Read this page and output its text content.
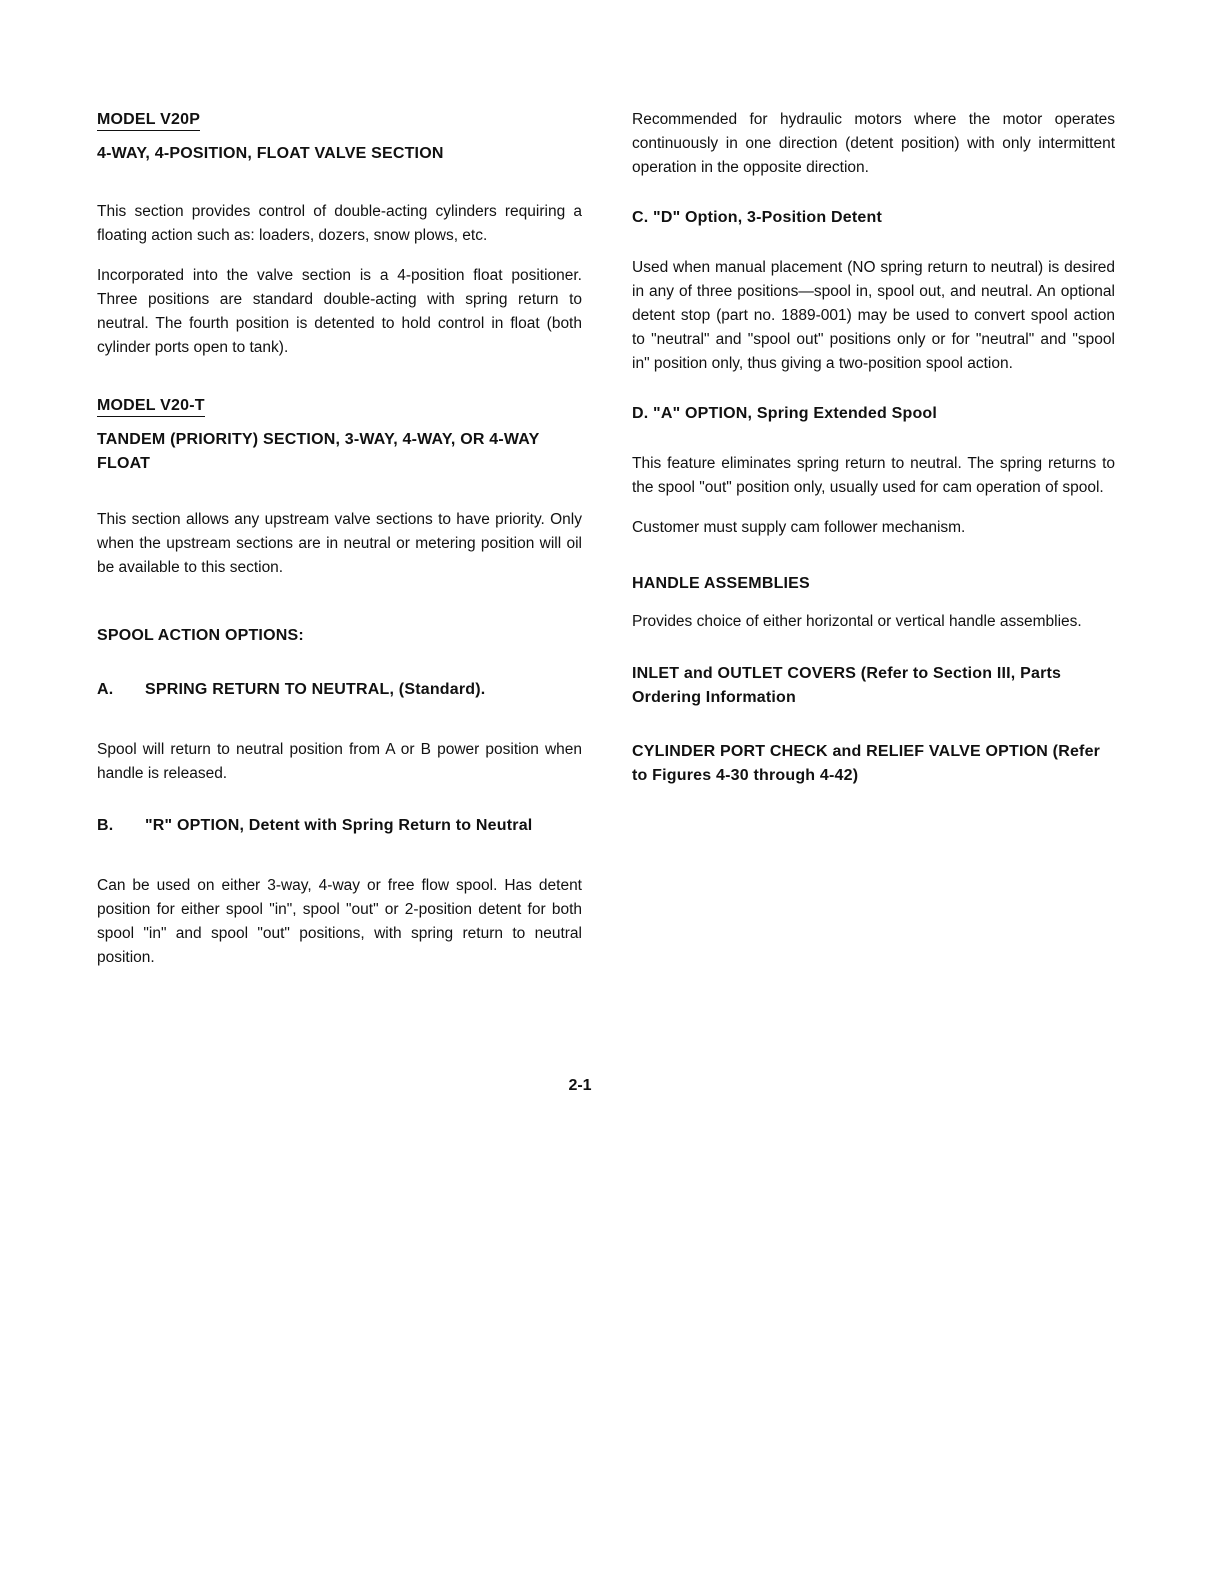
MODEL V20P
4-WAY, 4-POSITION, FLOAT VALVE SECTION

This section provides control of double-acting cylinders requiring a floating action such as: loaders, dozers, snow plows, etc.

Incorporated into the valve section is a 4-position float positioner. Three positions are standard double-acting with spring return to neutral. The fourth position is detented to hold control in float (both cylinder ports open to tank).

MODEL V20-T
TANDEM (PRIORITY) SECTION, 3-WAY, 4-WAY, OR 4-WAY FLOAT

This section allows any upstream valve sections to have priority. Only when the upstream sections are in neutral or metering position will oil be available to this section.

SPOOL ACTION OPTIONS:
A.	SPRING RETURN TO NEUTRAL, (Standard).

Spool will return to neutral position from A or B power position when handle is released.

B.	"R" OPTION, Detent with Spring Return to Neutral

Can be used on either 3-way, 4-way or free flow spool. Has detent position for either spool "in", spool "out" or 2-position detent for both spool "in" and spool "out" positions, with spring return to neutral position.

Recommended for hydraulic motors where the motor operates continuously in one direction (detent position) with only intermittent operation in the opposite direction.

C. "D" Option, 3-Position Detent

Used when manual placement (NO spring return to neutral) is desired in any of three positions—spool in, spool out, and neutral. An optional detent stop (part no. 1889-001) may be used to convert spool action to "neutral" and "spool out" positions only or for "neutral" and "spool in" position only, thus giving a two-position spool action.

D. "A" OPTION, Spring Extended Spool

This feature eliminates spring return to neutral. The spring returns to the spool "out" position only, usually used for cam operation of spool.

Customer must supply cam follower mechanism.

HANDLE ASSEMBLIES

Provides choice of either horizontal or vertical handle assemblies.

INLET and OUTLET COVERS (Refer to Section III, Parts Ordering Information
CYLINDER PORT CHECK and RELIEF VALVE OPTION (Refer to Figures 4-30 through 4-42)
2-1
